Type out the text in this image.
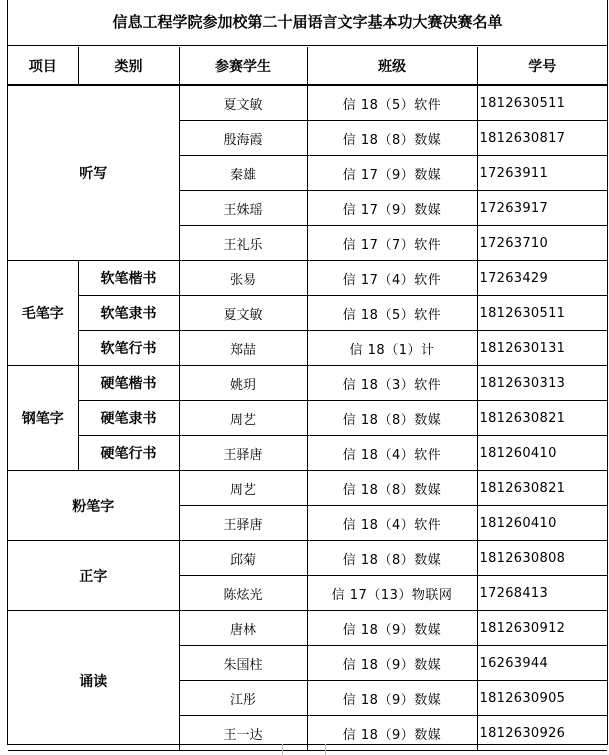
信息工程学院参加校第二十届语言文字基本功大赛决赛名单
项目	类别	参赛学生	班级	学号
听写		夏文敏	信 18（5）软件	1812630511
		殷海霞	信 18（8）数媒	1812630817
		秦雄	信 17（9）数媒	17263911
		王姝瑶	信 17（9）数媒	17263917
		王礼乐	信 17（7）软件	17263710
毛笔字	软笔楷书	张易	信 17（4）软件	17263429
	软笔隶书	夏文敏	信 18（5）软件	1812630511
	软笔行书	郑喆	信 18（1）计	1812630131
钢笔字	硬笔楷书	姚玥	信 18（3）软件	1812630313
	硬笔隶书	周艺	信 18（8）数媒	1812630821
	硬笔行书	王驿唐	信 18（4）软件	181260410
粉笔字		周艺	信 18（8）数媒	1812630821
		王驿唐	信 18（4）软件	181260410
正字		邱菊	信 18（8）数媒	1812630808
		陈炫光	信 17（13）物联网	17268413
诵读		唐林	信 18（9）数媒	1812630912
		朱国柱	信 18（9）数媒	16263944
		江彤	信 18（9）数媒	1812630905
		王一达	信 18（9）数媒	1812630926
